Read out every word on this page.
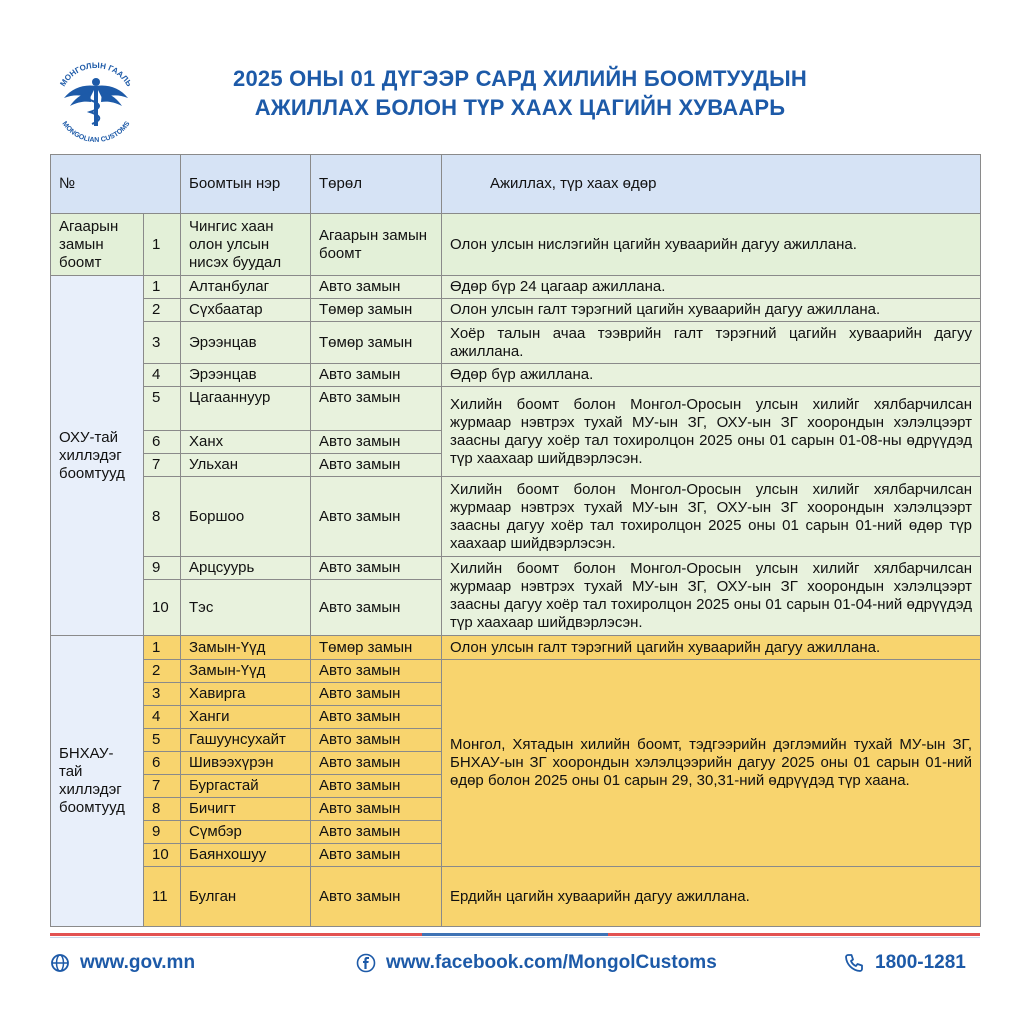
МОНГОЛЫН ГААЛЬ
MONGOLIAN CUSTOMS
2025 ОНЫ 01 ДҮГЭЭР САРД ХИЛИЙН БООМТУУДЫН
АЖИЛЛАХ БОЛОН ТҮР ХААХ ЦАГИЙН ХУВААРЬ
№		Боомтын нэр	Төрөл	Ажиллах, түр хаах өдөр
Агаарын замын боомт	1	Чингис хаан олон улсын нисэх буудал	Агаарын замын боомт	Олон улсын нислэгийн цагийн хуваарийн дагуу ажиллана.
ОХУ-тай хиллэдэг боомтууд	1	Алтанбулаг	Авто замын	Өдөр бүр 24 цагаар ажиллана.
	2	Сүхбаатар	Төмөр замын	Олон улсын галт тэрэгний цагийн хуваарийн дагуу ажиллана.
	3	Эрээнцав	Төмөр замын	Хоёр талын ачаа тээврийн галт тэрэгний цагийн хуваарийн дагуу ажиллана.
	4	Эрээнцав	Авто замын	Өдөр бүр ажиллана.
	5	Цагааннуур	Авто замын	Хилийн боомт болон Монгол-Оросын улсын хилийг хялбарчилсан журмаар нэвтрэх тухай МУ-ын ЗГ, ОХУ-ын ЗГ хоорондын хэлэлцээрт заасны дагуу хоёр тал тохиролцон 2025 оны 01 сарын 01-08-ны өдрүүдэд түр хаахаар шийдвэрлэсэн.

	6	Ханх	Авто замын	
	7	Ульхан	Авто замын	
	8	Боршоо	Авто замын	Хилийн боомт болон Монгол-Оросын улсын хилийг хялбарчилсан журмаар нэвтрэх тухай МУ-ын ЗГ, ОХУ-ын ЗГ хоорондын хэлэлцээрт заасны дагуу хоёр тал тохиролцон 2025 оны 01 сарын 01-ний өдөр түр хаахаар шийдвэрлэсэн.
	9	Арцсуурь	Авто замын	Хилийн боомт болон Монгол-Оросын улсын хилийг хялбарчилсан журмаар нэвтрэх тухай МУ-ын ЗГ, ОХУ-ын ЗГ хоорондын хэлэлцээрт заасны дагуу хоёр тал тохиролцон 2025 оны 01 сарын 01-04-ний өдрүүдэд түр хаахаар шийдвэрлэсэн.
	10	Тэс	Авто замын	

БНХАУ-тай хиллэдэг боомтууд	1	Замын-Үүд	Төмөр замын	Олон улсын галт тэрэгний цагийн хуваарийн дагуу ажиллана.
	2	Замын-Үүд	Авто замын	Монгол, Хятадын хилийн боомт, тэдгээрийн дэглэмийн тухай МУ-ын ЗГ, БНХАУ-ын ЗГ хоорондын хэлэлцээрийн дагуу 2025 оны 01 сарын 01-ний өдөр болон 2025 оны 01 сарын 29, 30,31-ний өдрүүдэд түр хаана.
	3	Хавирга	Авто замын	
	4	Ханги	Авто замын	
	5	Гашуунсухайт	Авто замын	
	6	Шивээхүрэн	Авто замын	
	7	Бургастай	Авто замын	
	8	Бичигт	Авто замын	
	9	Сүмбэр	Авто замын	
	10	Баянхошуу	Авто замын	
	11	Булган	Авто замын	Ердийн цагийн хуваарийн дагуу ажиллана.
www.gov.mn	www.facebook.com/MongolCustoms	1800-1281
